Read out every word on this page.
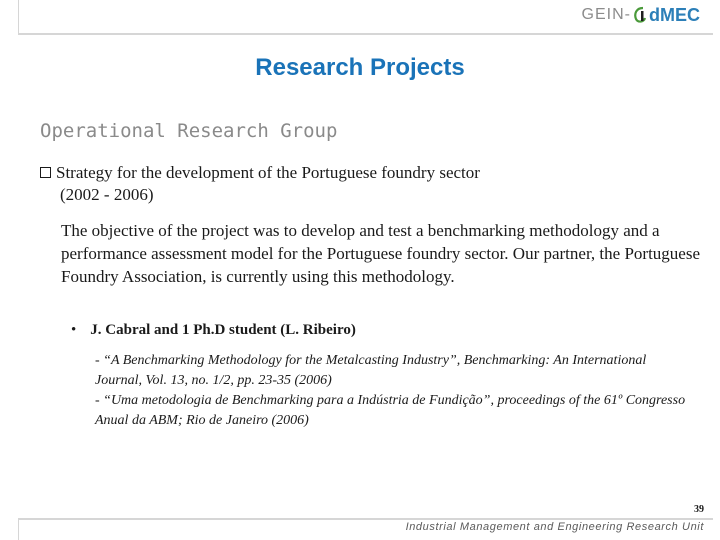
GEIN- dMEC
Research Projects
Operational Research Group
Strategy for the development of the Portuguese foundry sector
(2002 - 2006)
The objective of the project was to develop and test a benchmarking methodology and a performance assessment model for the Portuguese foundry sector. Our partner, the Portuguese Foundry Association, is currently using this methodology.
• J. Cabral and 1 Ph.D student (L. Ribeiro)

- “A Benchmarking Methodology for the Metalcasting Industry”, Benchmarking: An International Journal, Vol. 13, no. 1/2, pp. 23-35 (2006)

- “Uma metodologia de Benchmarking para a Indústria de Fundição”, proceedings of the 61º Congresso Anual da ABM; Rio de Janeiro (2006)

39
Industrial Management and Engineering Research Unit
